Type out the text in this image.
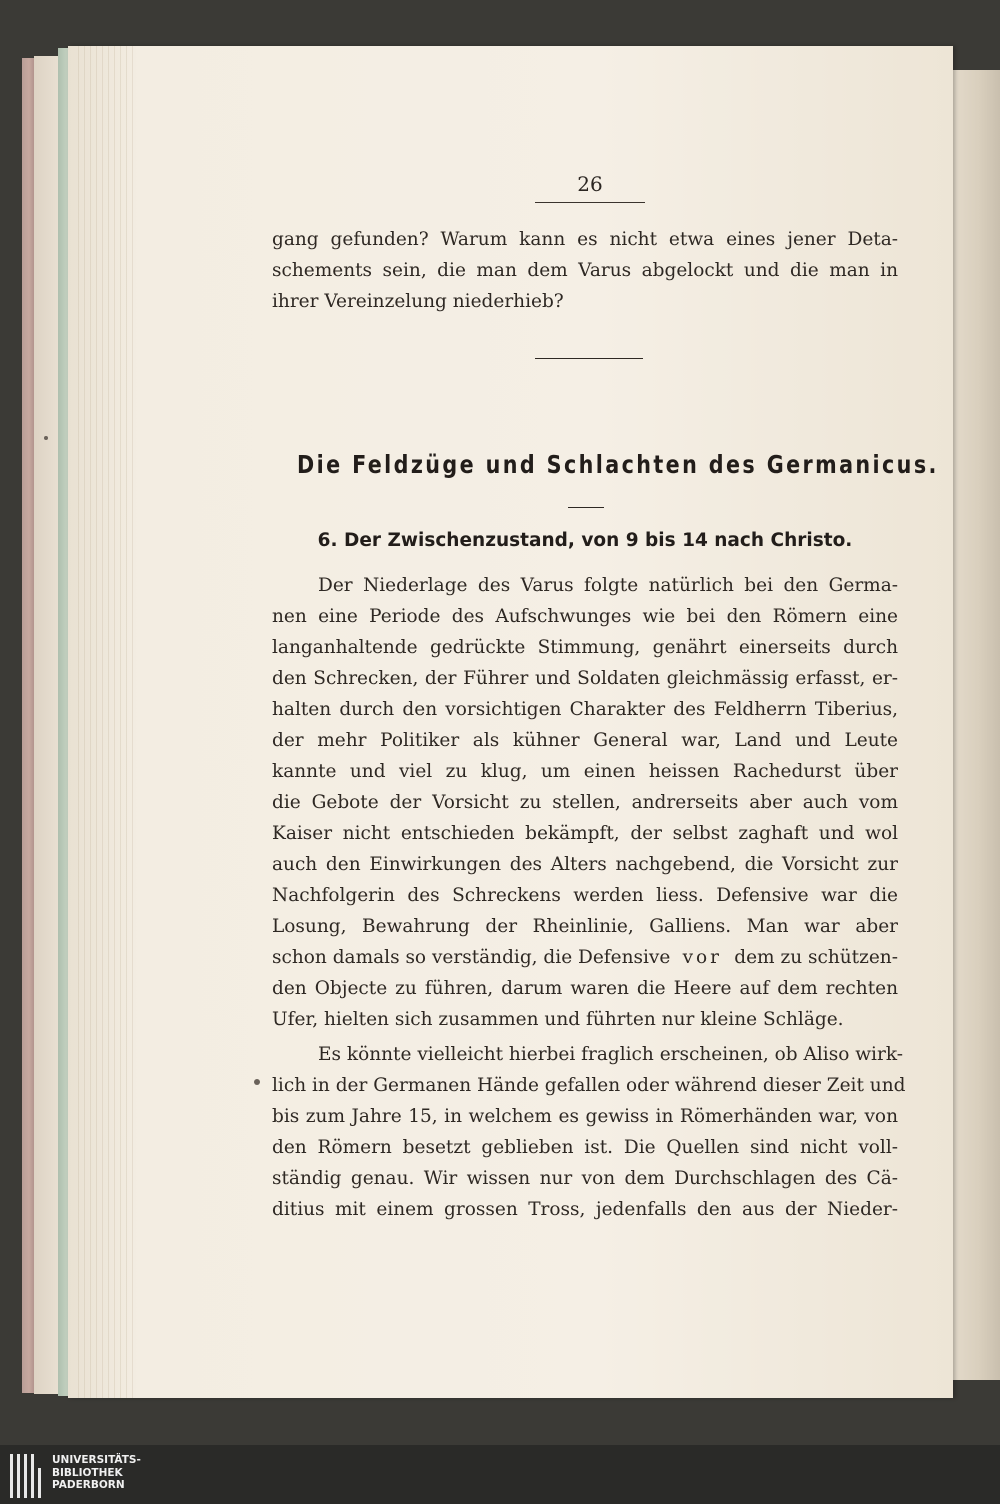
26
gang gefunden? Warum kann es nicht etwa eines jener Deta-
schements sein, die man dem Varus abgelockt und die man in
ihrer Vereinzelung niederhieb?
Die Feldzüge und Schlachten des Germanicus.
6. Der Zwischenzustand, von 9 bis 14 nach Christo.
Der Niederlage des Varus folgte natürlich bei den Germa-
nen eine Periode des Aufschwunges wie bei den Römern eine
langanhaltende gedrückte Stimmung, genährt einerseits durch
den Schrecken, der Führer und Soldaten gleichmässig erfasst, er-
halten durch den vorsichtigen Charakter des Feldherrn Tiberius,
der mehr Politiker als kühner General war, Land und Leute
kannte und viel zu klug, um einen heissen Rachedurst über
die Gebote der Vorsicht zu stellen, andrerseits aber auch vom
Kaiser nicht entschieden bekämpft, der selbst zaghaft und wol
auch den Einwirkungen des Alters nachgebend, die Vorsicht zur
Nachfolgerin des Schreckens werden liess. Defensive war die
Losung, Bewahrung der Rheinlinie, Galliens. Man war aber
schon damals so verständig, die Defensive vor dem zu schützen-
den Objecte zu führen, darum waren die Heere auf dem rechten
Ufer, hielten sich zusammen und führten nur kleine Schläge.
Es könnte vielleicht hierbei fraglich erscheinen, ob Aliso wirk-
lich in der Germanen Hände gefallen oder während dieser Zeit und
bis zum Jahre 15, in welchem es gewiss in Römerhänden war, von
den Römern besetzt geblieben ist. Die Quellen sind nicht voll-
ständig genau. Wir wissen nur von dem Durchschlagen des Cä-
ditius mit einem grossen Tross, jedenfalls den aus der Nieder-
UNIVERSITÄTS-
BIBLIOTHEK
PADERBORN
